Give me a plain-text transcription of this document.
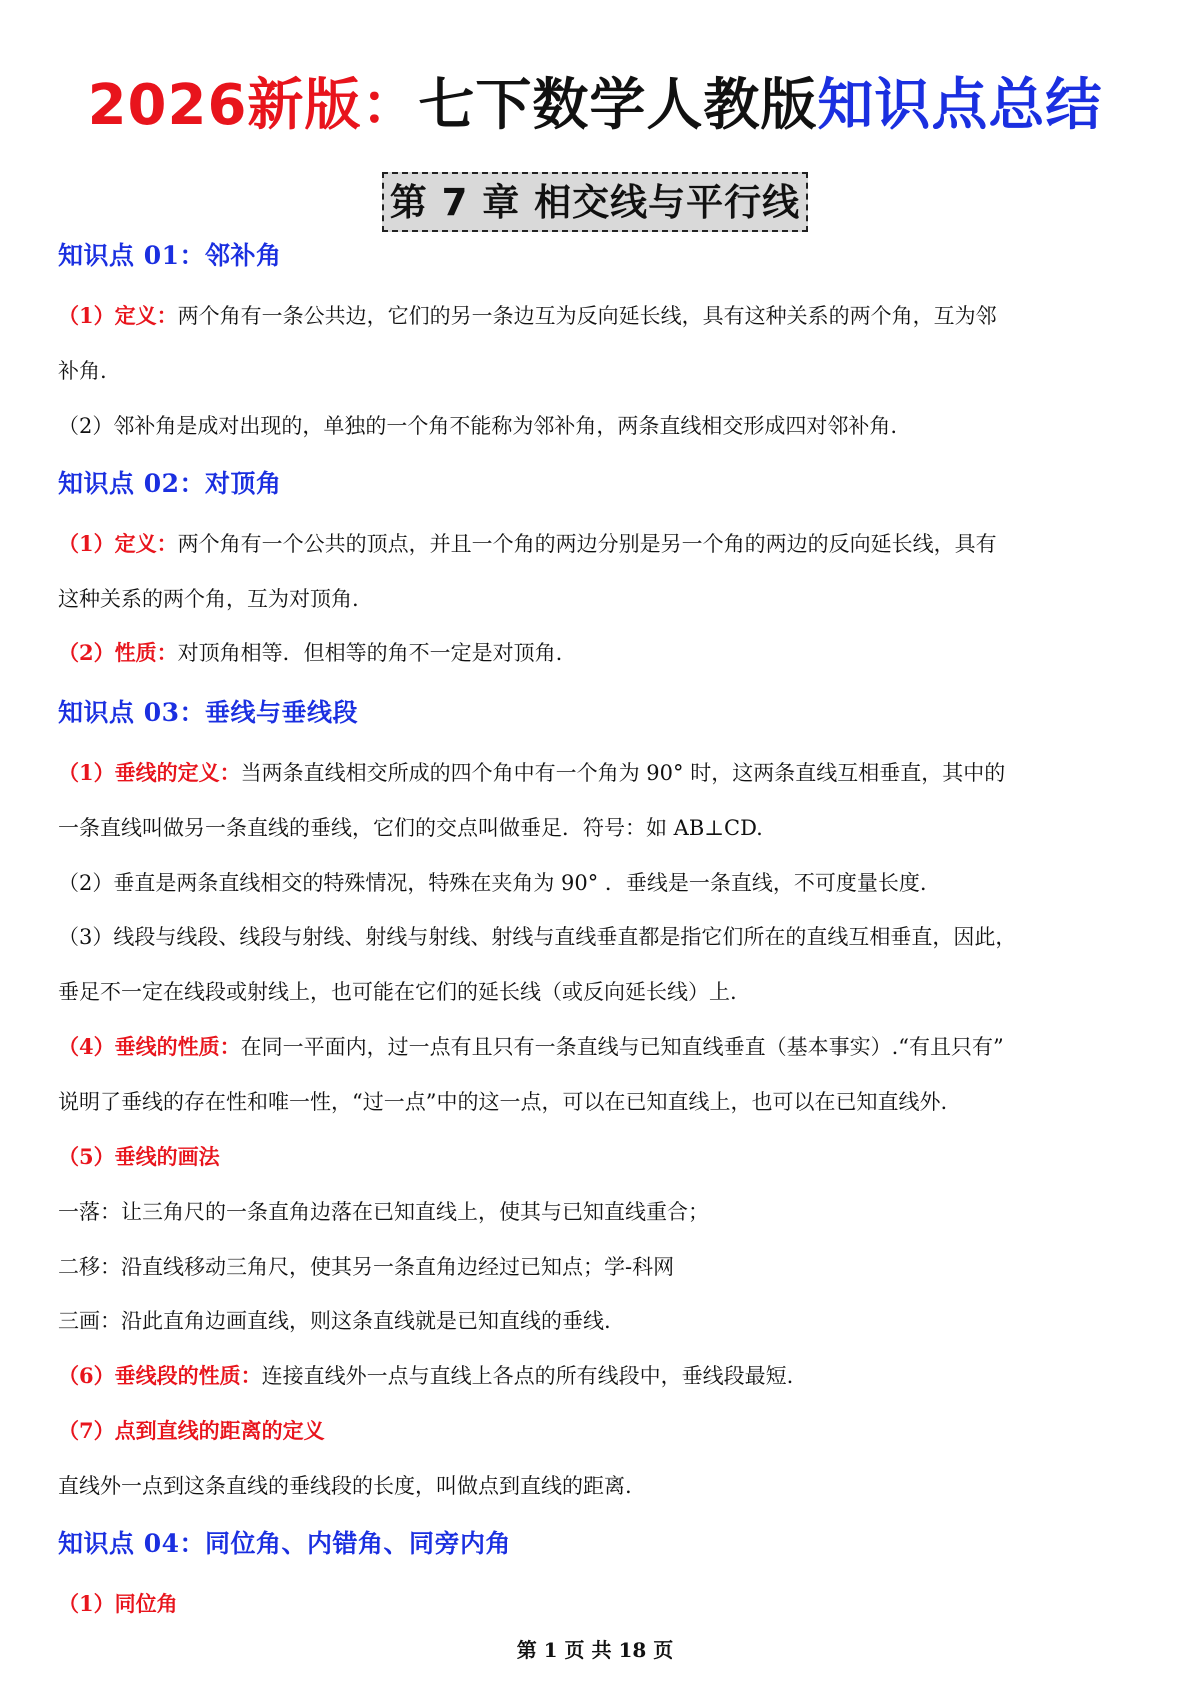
2026新版：七下数学人教版知识点总结
第 7 章 相交线与平行线
知识点 01：邻补角
（1）定义：两个角有一条公共边，它们的另一条边互为反向延长线，具有这种关系的两个角，互为邻
补角.
（2）邻补角是成对出现的，单独的一个角不能称为邻补角，两条直线相交形成四对邻补角.
知识点 02：对顶角
（1）定义：两个角有一个公共的顶点，并且一个角的两边分别是另一个角的两边的反向延长线，具有
这种关系的两个角，互为对顶角.
（2）性质：对顶角相等．但相等的角不一定是对顶角.
知识点 03：垂线与垂线段
（1）垂线的定义：当两条直线相交所成的四个角中有一个角为 90° 时，这两条直线互相垂直，其中的
一条直线叫做另一条直线的垂线，它们的交点叫做垂足．符号：如 AB⊥CD.
（2）垂直是两条直线相交的特殊情况，特殊在夹角为 90° ．垂线是一条直线，不可度量长度.
（3）线段与线段、线段与射线、射线与射线、射线与直线垂直都是指它们所在的直线互相垂直，因此，
垂足不一定在线段或射线上，也可能在它们的延长线（或反向延长线）上.
（4）垂线的性质：在同一平面内，过一点有且只有一条直线与已知直线垂直（基本事实）.“有且只有”
说明了垂线的存在性和唯一性，“过一点”中的这一点，可以在已知直线上，也可以在已知直线外.
（5）垂线的画法
一落：让三角尺的一条直角边落在已知直线上，使其与已知直线重合；
二移：沿直线移动三角尺，使其另一条直角边经过已知点；学-科网
三画：沿此直角边画直线，则这条直线就是已知直线的垂线.
（6）垂线段的性质：连接直线外一点与直线上各点的所有线段中，垂线段最短.
（7）点到直线的距离的定义
直线外一点到这条直线的垂线段的长度，叫做点到直线的距离.
知识点 04：同位角、内错角、同旁内角
（1）同位角
第 1 页 共 18 页
